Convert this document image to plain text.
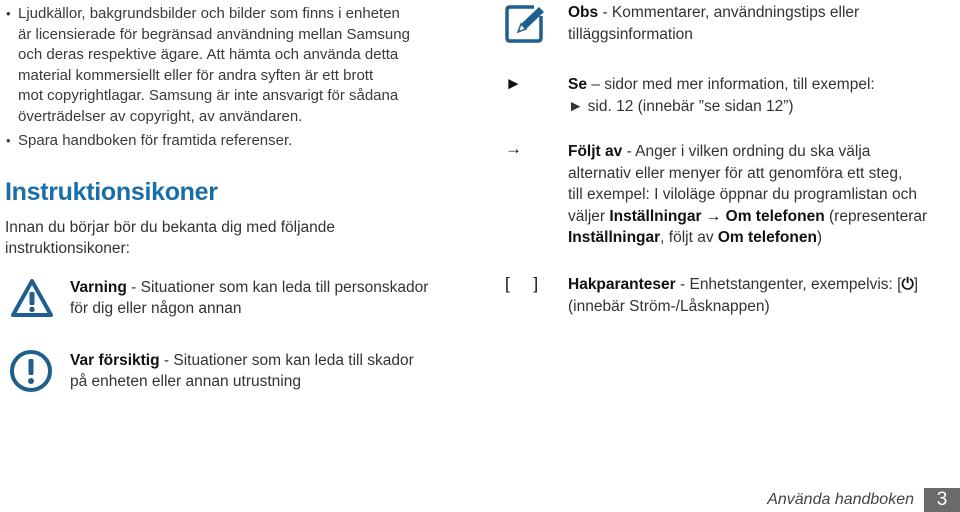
• Ljudkällor, bakgrundsbilder och bilder som finns i enheten
är licensierade för begränsad användning mellan Samsung
och deras respektive ägare. Att hämta och använda detta
material kommersiellt eller för andra syften är ett brott
mot copyrightlagar. Samsung är inte ansvarigt för sådana
överträdelser av copyright, av användaren.
• Spara handboken för framtida referenser.
Instruktionsikoner
Innan du börjar bör du bekanta dig med följande
instruktionsikoner:
Varning - Situationer som kan leda till personskador
för dig eller någon annan
Var försiktig - Situationer som kan leda till skador
på enheten eller annan utrustning
Obs - Kommentarer, användningstips eller
tilläggsinformation
►	Se – sidor med mer information, till exempel:
► sid. 12 (innebär ”se sidan 12”)
→	Följt av - Anger i vilken ordning du ska välja
alternativ eller menyer för att genomföra ett steg,
till exempel: I viloläge öppnar du programlistan och
väljer Inställningar → Om telefonen (representerar
Inställningar, följt av Om telefonen)
[     ] Hakparanteser - Enhetstangenter, exempelvis: [⏻]
(innebär Ström-/Låsknappen)
Använda handboken	3
